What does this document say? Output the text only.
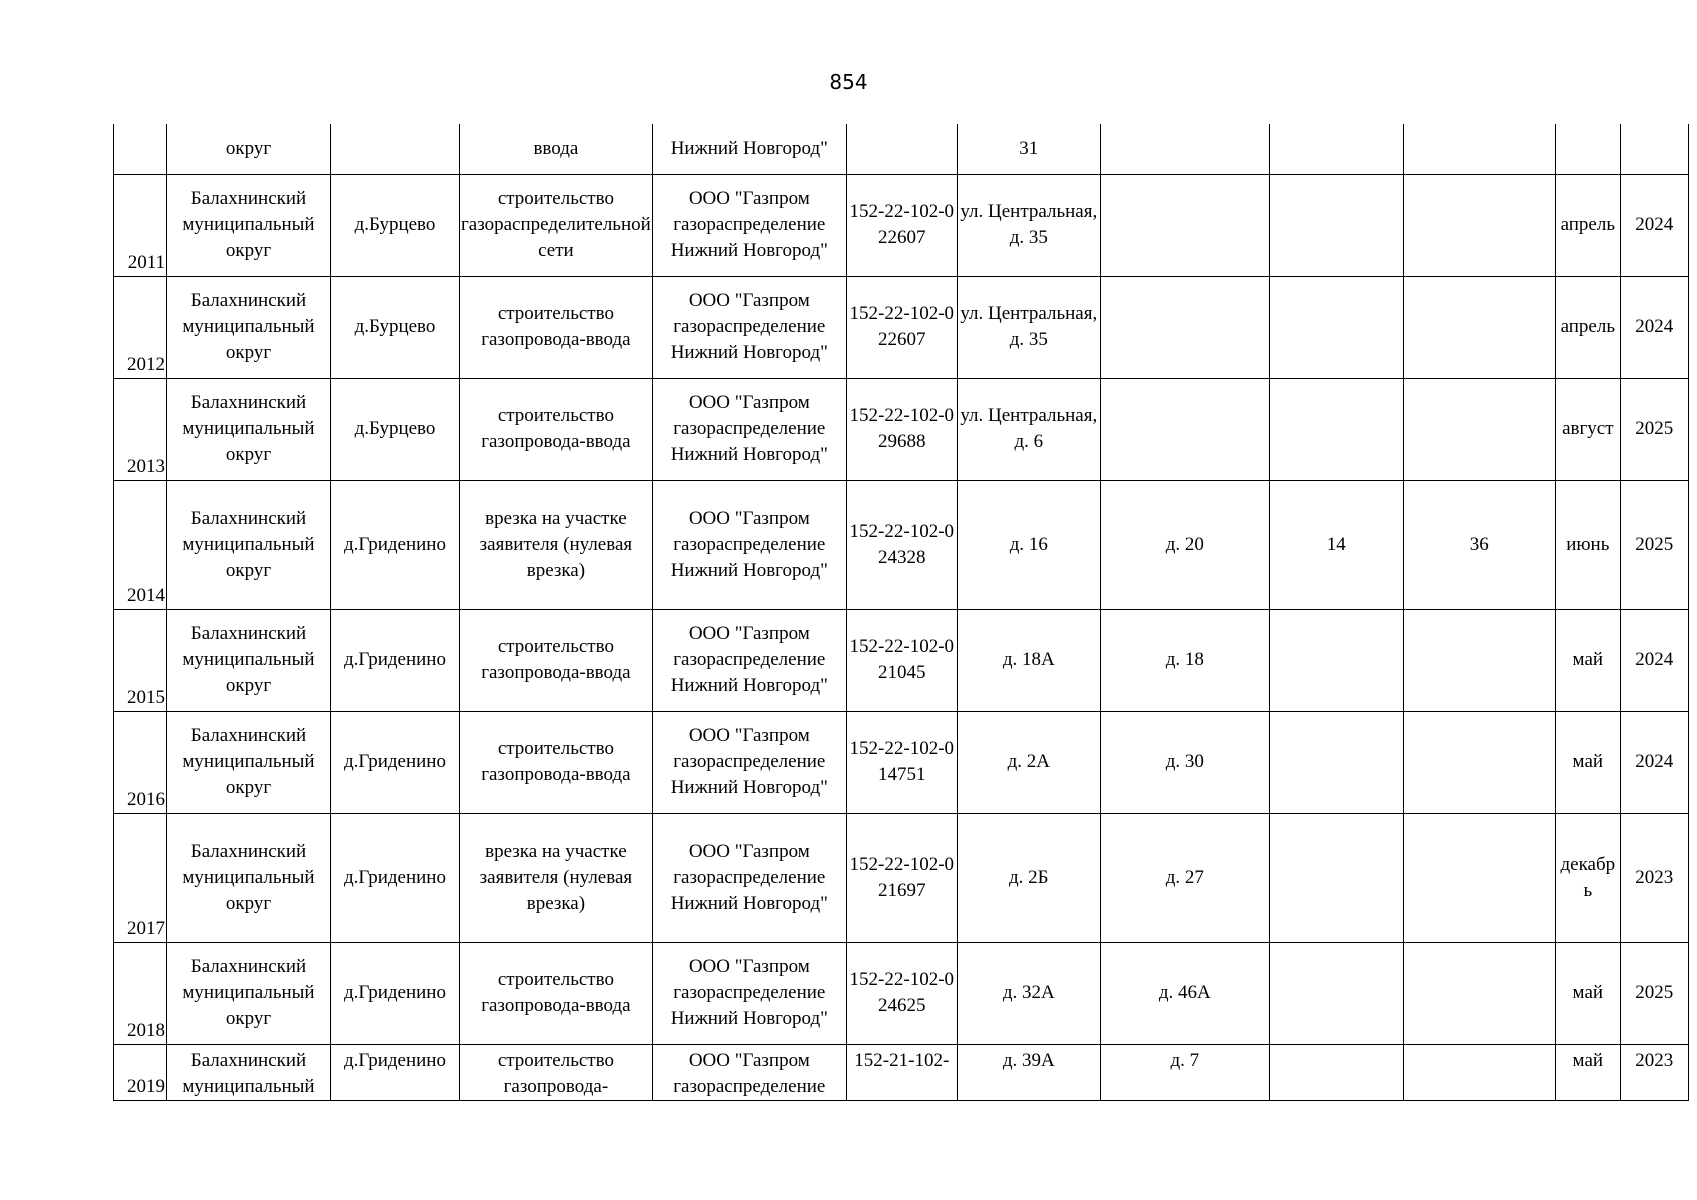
854
	округ		ввода	Нижний Новгород"		31					
2011	Балахнинский муниципальный округ	д.Бурцево	строительство газораспределительной сети	ООО "Газпром газораспределение Нижний Новгород"	152-22-102-022607	ул. Центральная, д. 35				апрель	2024
2012	Балахнинский муниципальный округ	д.Бурцево	строительство газопровода-ввода	ООО "Газпром газораспределение Нижний Новгород"	152-22-102-022607	ул. Центральная, д. 35				апрель	2024
2013	Балахнинский муниципальный округ	д.Бурцево	строительство газопровода-ввода	ООО "Газпром газораспределение Нижний Новгород"	152-22-102-029688	ул. Центральная, д. 6				август	2025
2014	Балахнинский муниципальный округ	д.Гриденино	врезка на участке заявителя (нулевая врезка)	ООО "Газпром газораспределение Нижний Новгород"	152-22-102-024328	д. 16	д. 20	14	36	июнь	2025
2015	Балахнинский муниципальный округ	д.Гриденино	строительство газопровода-ввода	ООО "Газпром газораспределение Нижний Новгород"	152-22-102-021045	д. 18А	д. 18			май	2024
2016	Балахнинский муниципальный округ	д.Гриденино	строительство газопровода-ввода	ООО "Газпром газораспределение Нижний Новгород"	152-22-102-014751	д. 2А	д. 30			май	2024
2017	Балахнинский муниципальный округ	д.Гриденино	врезка на участке заявителя (нулевая врезка)	ООО "Газпром газораспределение Нижний Новгород"	152-22-102-021697	д. 2Б	д. 27			декабрь	2023
2018	Балахнинский муниципальный округ	д.Гриденино	строительство газопровода-ввода	ООО "Газпром газораспределение Нижний Новгород"	152-22-102-024625	д. 32А	д. 46А			май	2025
2019	Балахнинский муниципальный	д.Гриденино	строительство газопровода-	ООО "Газпром газораспределение	152-21-102-	д. 39А	д. 7			май	2023
